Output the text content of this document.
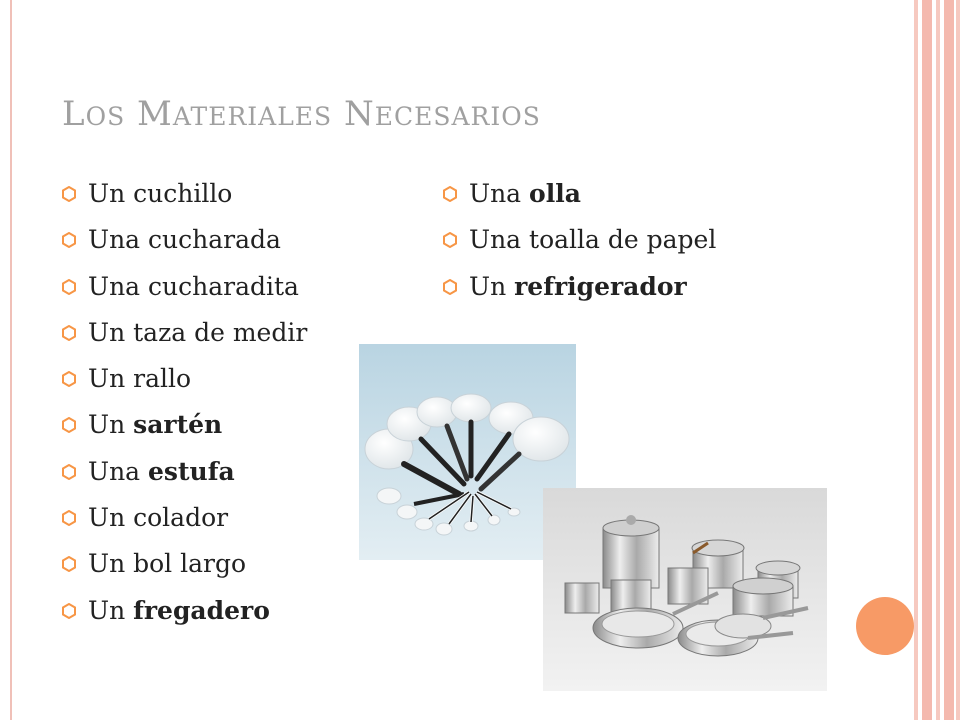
LOS MATERIALES NECESARIOS
Un cuchillo
Una cucharada
Una cucharadita
Un taza de medir
Un rallo
Un sartén
Una estufa
Un colador
Un bol largo
Un fregadero
Una olla
Una toalla de papel
Un refrigerador
